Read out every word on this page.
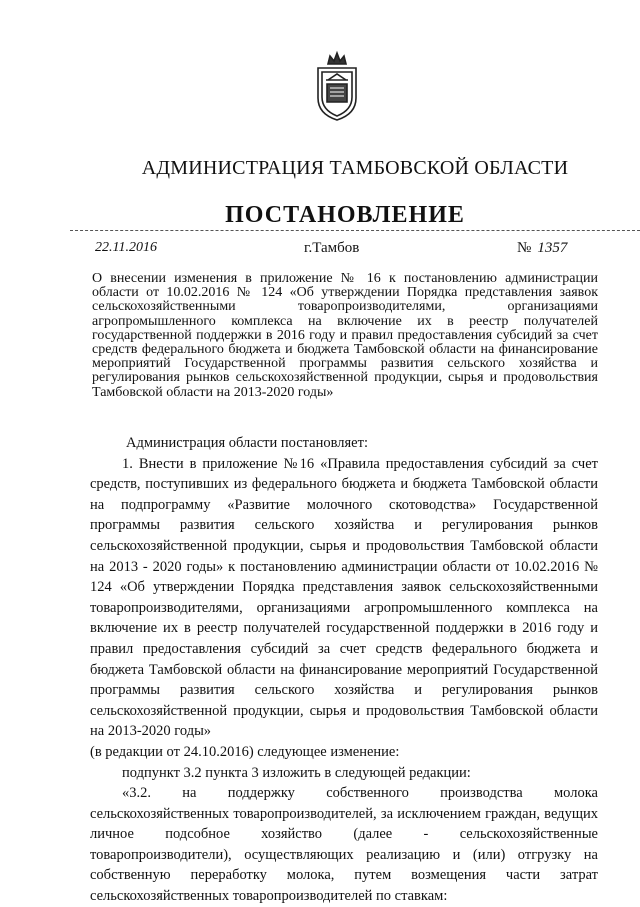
АДМИНИСТРАЦИЯ ТАМБОВСКОЙ ОБЛАСТИ
ПОСТАНОВЛЕНИЕ
22.11.2016	г.Тамбов	№ 1357
О внесении изменения в приложение № 16 к постановлению администрации области от 10.02.2016 № 124 «Об утверждении Порядка представления заявок сельскохозяйственными товаропроизводителями, организациями агропромышленного комплекса на включение их в реестр получателей государственной поддержки в 2016 году и правил предоставления субсидий за счет средств федерального бюджета и бюджета Тамбовской области на финансирование мероприятий Государственной программы развития сельского хозяйства и регулирования рынков сельскохозяйственной продукции, сырья и продовольствия Тамбовской области на 2013-2020 годы»

Администрация области постановляет:

1. Внести в приложение №16 «Правила предоставления субсидий за счет средств, поступивших из федерального бюджета и бюджета Тамбовской области на подпрограмму «Развитие молочного скотоводства» Государственной программы развития сельского хозяйства и регулирования рынков сельскохозяйственной продукции, сырья и продовольствия Тамбовской области на 2013 - 2020 годы» к постановлению администрации области от 10.02.2016 № 124 «Об утверждении Порядка представления заявок сельскохозяйственными товаропроизводителями, организациями агропромышленного комплекса на включение их в реестр получателей государственной поддержки в 2016 году и правил предоставления субсидий за счет средств федерального бюджета и бюджета Тамбовской области на финансирование мероприятий Государственной программы развития сельского хозяйства и регулирования рынков сельскохозяйственной продукции, сырья и продовольствия Тамбовской области на 2013-2020 годы»

(в редакции от 24.10.2016) следующее изменение:

подпункт 3.2 пункта 3 изложить в следующей редакции:

«3.2. на поддержку собственного производства молока сельскохозяйственных товаропроизводителей, за исключением граждан, ведущих личное подсобное хозяйство (далее - сельскохозяйственные товаропроизводители), осуществляющих реализацию и (или) отгрузку на собственную переработку молока, путем возмещения части затрат сельскохозяйственных товаропроизводителей по ставкам:
